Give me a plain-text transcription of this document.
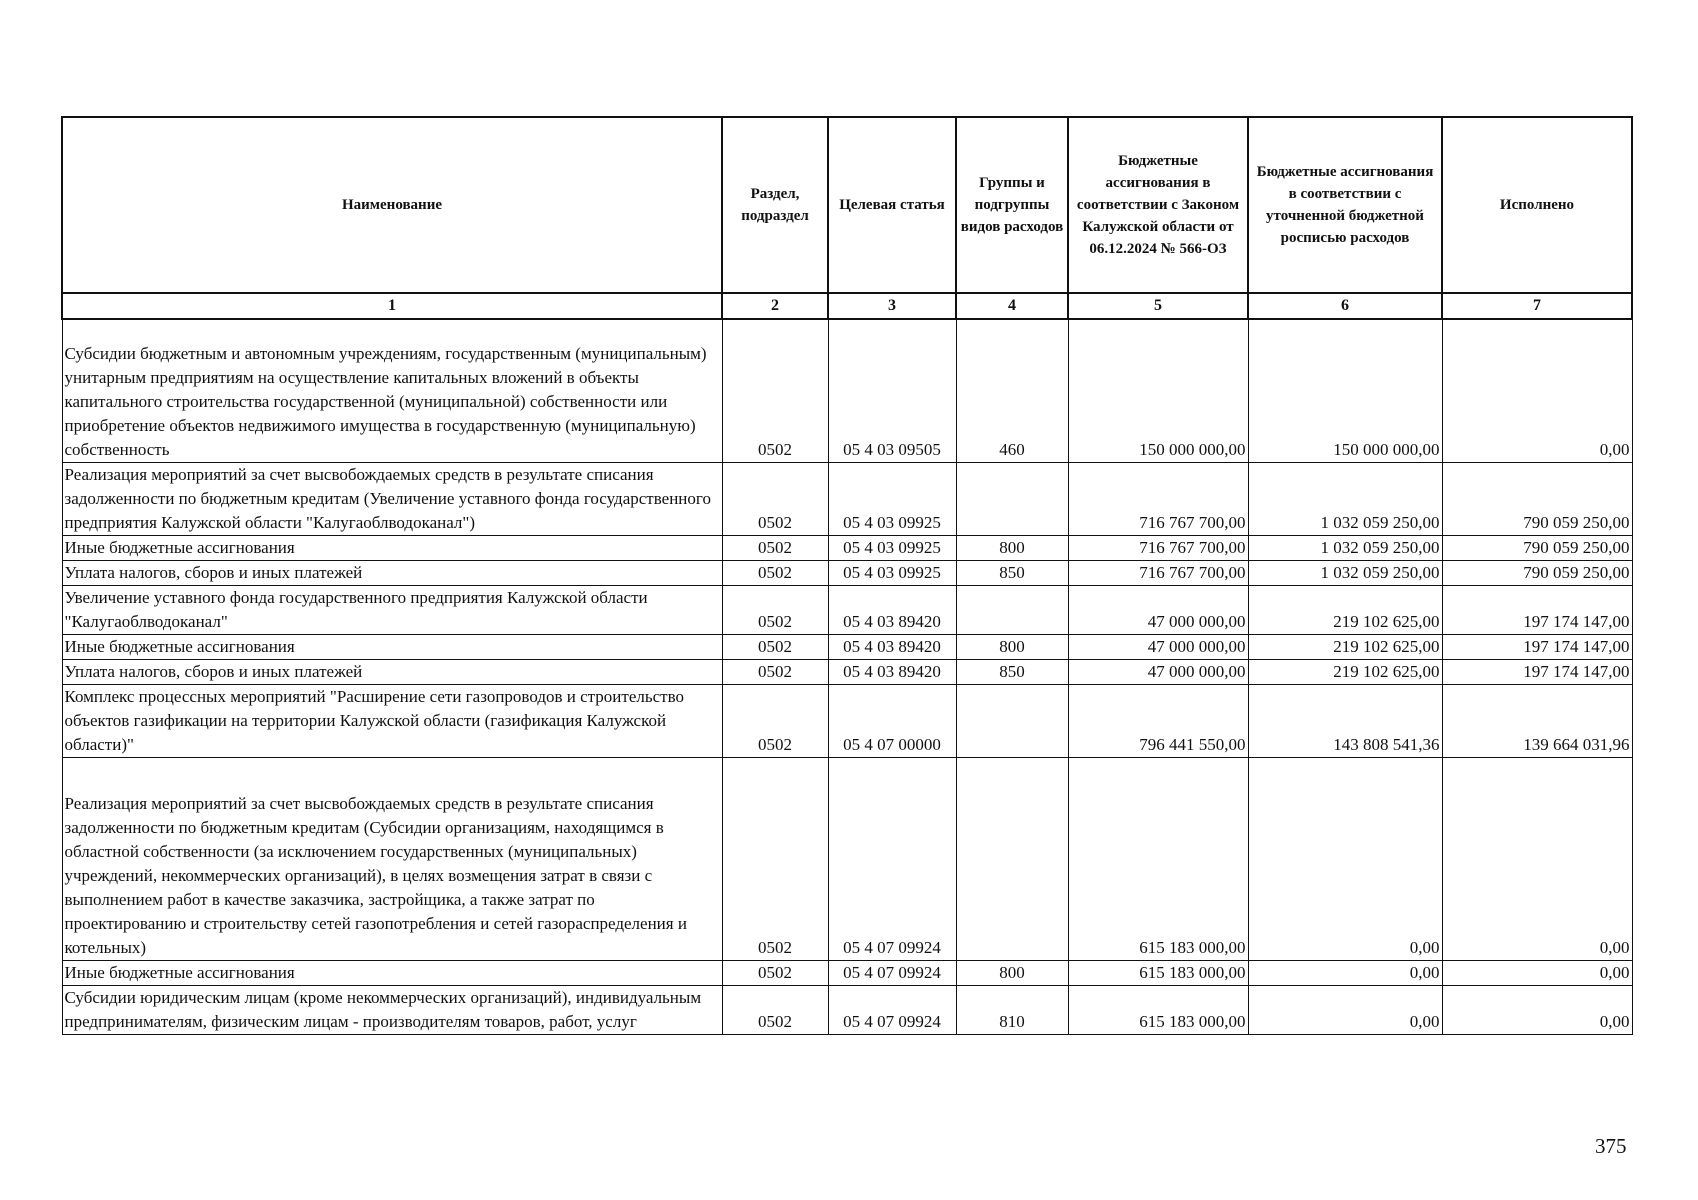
Наименование	Раздел, подраздел	Целевая статья	Группы и подгруппы видов расходов	Бюджетные ассигнования в соответствии с Законом Калужской области от 06.12.2024 № 566-ОЗ	Бюджетные ассигнования в соответствии с уточненной бюджетной росписью расходов	Исполнено
1	2	3	4	5	6	7
Субсидии бюджетным и автономным учреждениям, государственным (муниципальным) унитарным предприятиям на осуществление капитальных вложений в объекты капитального строительства государственной (муниципальной) собственности или приобретение объектов недвижимого имущества в государственную (муниципальную) собственность	0502	05 4 03 09505	460	150 000 000,00	150 000 000,00	0,00
Реализация мероприятий за счет высвобождаемых средств в результате списания задолженности по бюджетным кредитам (Увеличение уставного фонда государственного предприятия Калужской области "Калугаоблводоканал")	0502	05 4 03 09925		716 767 700,00	1 032 059 250,00	790 059 250,00
Иные бюджетные ассигнования	0502	05 4 03 09925	800	716 767 700,00	1 032 059 250,00	790 059 250,00
Уплата налогов, сборов и иных платежей	0502	05 4 03 09925	850	716 767 700,00	1 032 059 250,00	790 059 250,00
Увеличение уставного фонда государственного предприятия Калужской области "Калугаоблводоканал"	0502	05 4 03 89420		47 000 000,00	219 102 625,00	197 174 147,00
Иные бюджетные ассигнования	0502	05 4 03 89420	800	47 000 000,00	219 102 625,00	197 174 147,00
Уплата налогов, сборов и иных платежей	0502	05 4 03 89420	850	47 000 000,00	219 102 625,00	197 174 147,00
Комплекс процессных мероприятий "Расширение сети газопроводов и строительство объектов газификации на территории Калужской области (газификация Калужской области)"	0502	05 4 07 00000		796 441 550,00	143 808 541,36	139 664 031,96
Реализация мероприятий за счет высвобождаемых средств в результате списания задолженности по бюджетным кредитам (Субсидии организациям, находящимся в областной собственности (за исключением государственных (муниципальных) учреждений, некоммерческих организаций), в целях возмещения затрат в связи с выполнением работ в качестве заказчика, застройщика, а также затрат по проектированию и строительству сетей газопотребления и сетей газораспределения и котельных)	0502	05 4 07 09924		615 183 000,00	0,00	0,00
Иные бюджетные ассигнования	0502	05 4 07 09924	800	615 183 000,00	0,00	0,00
Субсидии юридическим лицам (кроме некоммерческих организаций), индивидуальным предпринимателям, физическим лицам - производителям товаров, работ, услуг	0502	05 4 07 09924	810	615 183 000,00	0,00	0,00
375
